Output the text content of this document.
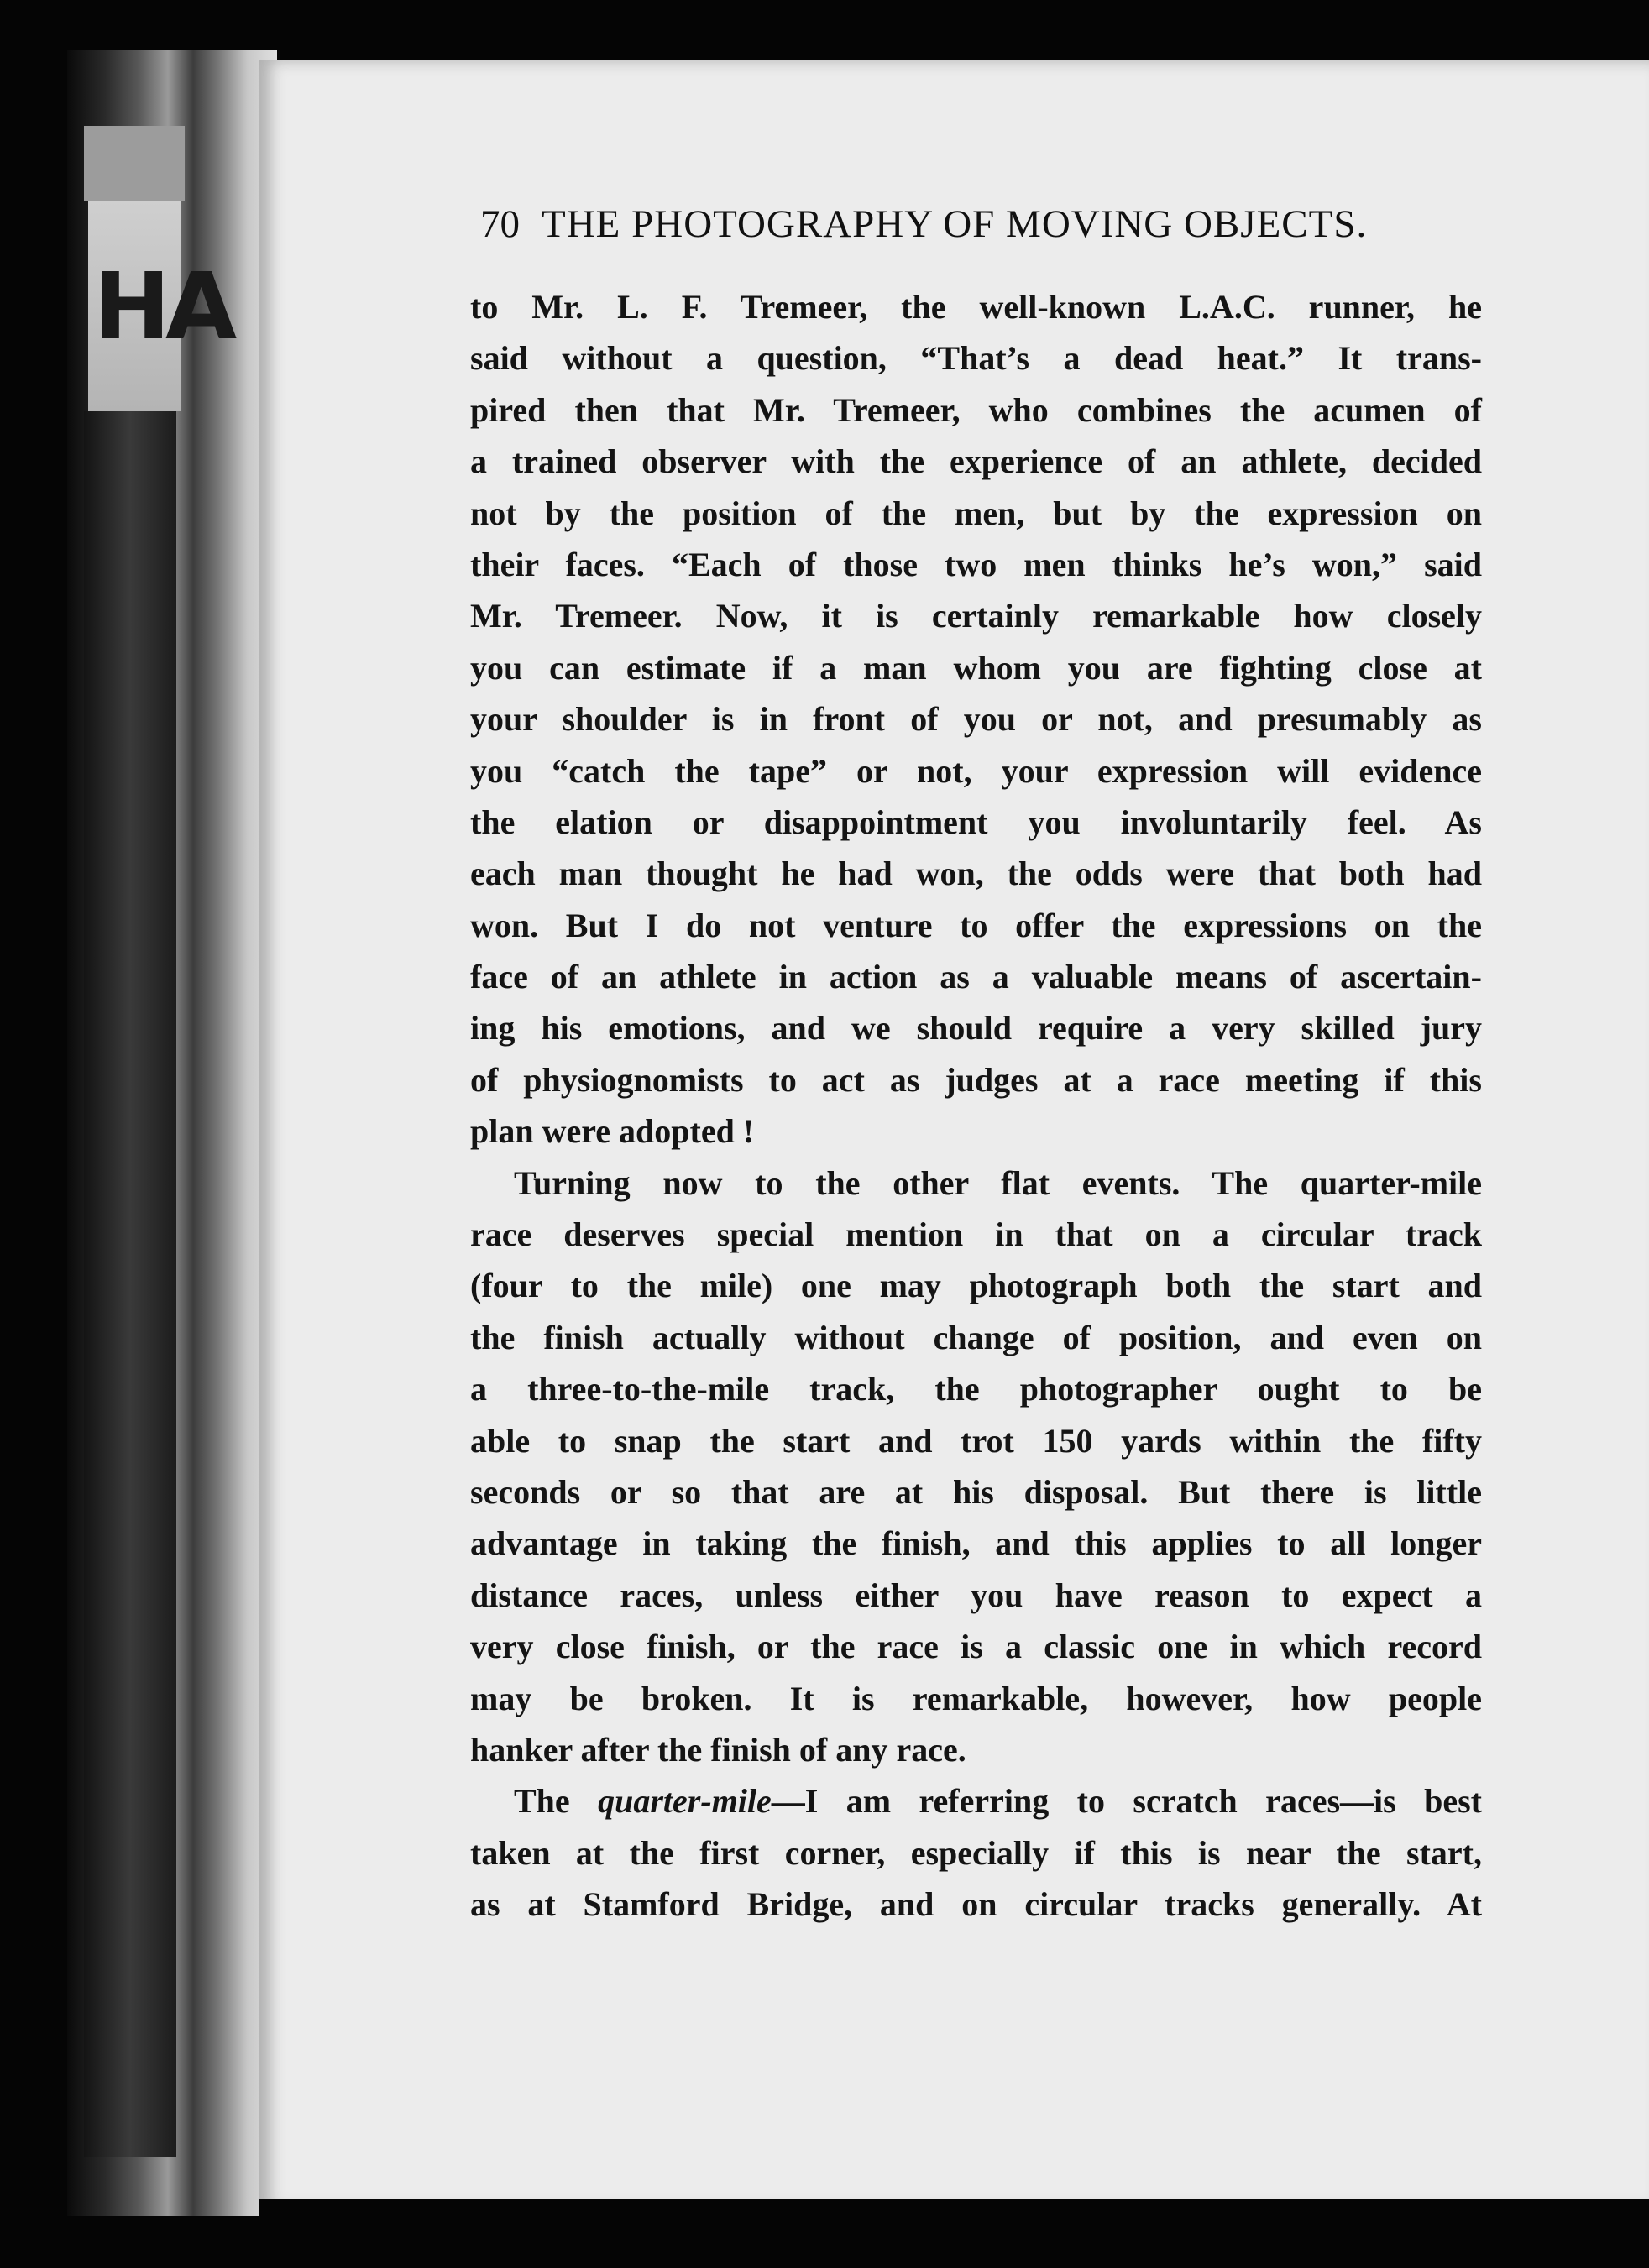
HA
70 THE PHOTOGRAPHY OF MOVING OBJECTS.
to Mr. L. F. Tremeer, the well-known L.A.C. runner, he
said without a question, “That’s a dead heat.” It trans-
pired then that Mr. Tremeer, who combines the acumen of
a trained observer with the experience of an athlete, decided
not by the position of the men, but by the expression on
their faces. “Each of those two men thinks he’s won,” said
Mr. Tremeer. Now, it is certainly remarkable how closely
you can estimate if a man whom you are fighting close at
your shoulder is in front of you or not, and presumably as
you “catch the tape” or not, your expression will evidence
the elation or disappointment you involuntarily feel. As
each man thought he had won, the odds were that both had
won. But I do not venture to offer the expressions on the
face of an athlete in action as a valuable means of ascertain-
ing his emotions, and we should require a very skilled jury
of physiognomists to act as judges at a race meeting if this
plan were adopted !
Turning now to the other flat events. The quarter-mile
race deserves special mention in that on a circular track
(four to the mile) one may photograph both the start and
the finish actually without change of position, and even on
a three-to-the-mile track, the photographer ought to be
able to snap the start and trot 150 yards within the fifty
seconds or so that are at his disposal. But there is little
advantage in taking the finish, and this applies to all longer
distance races, unless either you have reason to expect a
very close finish, or the race is a classic one in which record
may be broken. It is remarkable, however, how people
hanker after the finish of any race.
The quarter-mile—I am referring to scratch races—is best
taken at the first corner, especially if this is near the start,
as at Stamford Bridge, and on circular tracks generally. At
